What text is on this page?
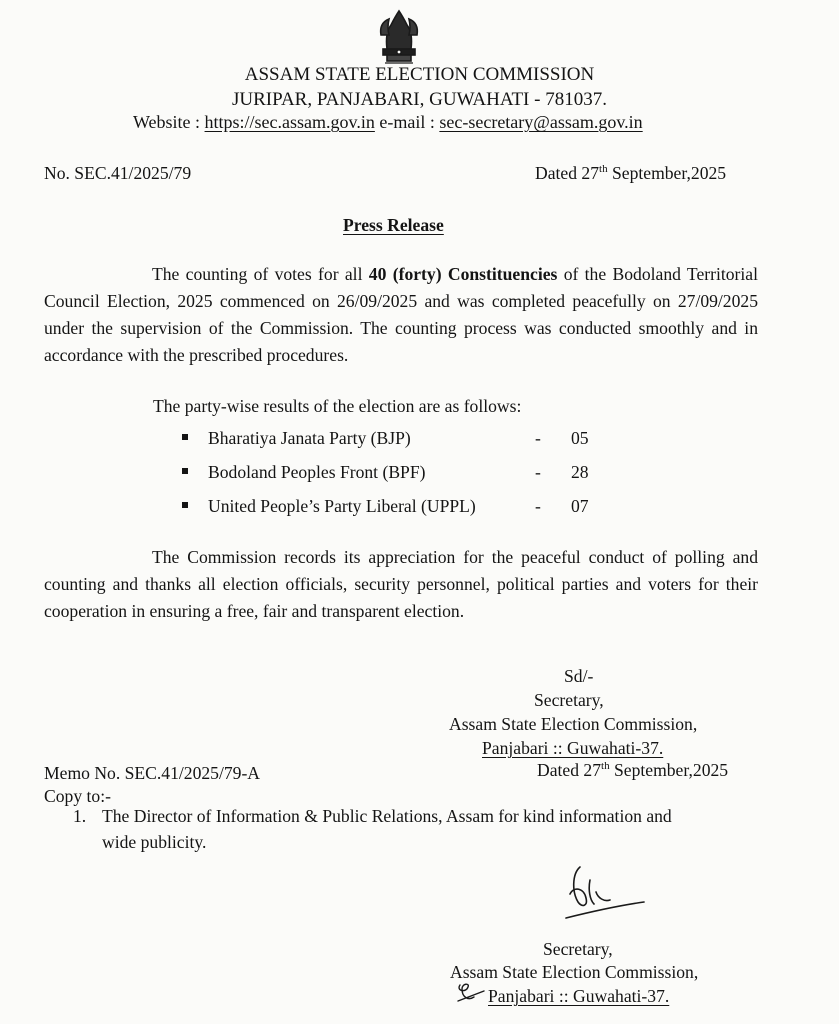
ASSAM STATE ELECTION COMMISSION
JURIPAR, PANJABARI, GUWAHATI - 781037.
Website : https://sec.assam.gov.in e-mail : sec-secretary@assam.gov.in
No. SEC.41/2025/79	Dated 27th September,2025
Press Release
The counting of votes for all 40 (forty) Constituencies of the Bodoland Territorial Council Election, 2025 commenced on 26/09/2025 and was completed peacefully on 27/09/2025 under the supervision of the Commission. The counting process was conducted smoothly and in accordance with the prescribed procedures.
The party-wise results of the election are as follows:
Bharatiya Janata Party (BJP)	- 05
Bodoland Peoples Front (BPF)	- 28
United People’s Party Liberal (UPPL)	- 07
The Commission records its appreciation for the peaceful conduct of polling and counting and thanks all election officials, security personnel, political parties and voters for their cooperation in ensuring a free, fair and transparent election.
Sd/-
Secretary,
Assam State Election Commission,
Panjabari :: Guwahati-37.
Memo No. SEC.41/2025/79-A	Dated 27th September,2025
Copy to:-
1. The Director of Information & Public Relations, Assam for kind information and
wide publicity.
Secretary,
Assam State Election Commission,
Panjabari :: Guwahati-37.
